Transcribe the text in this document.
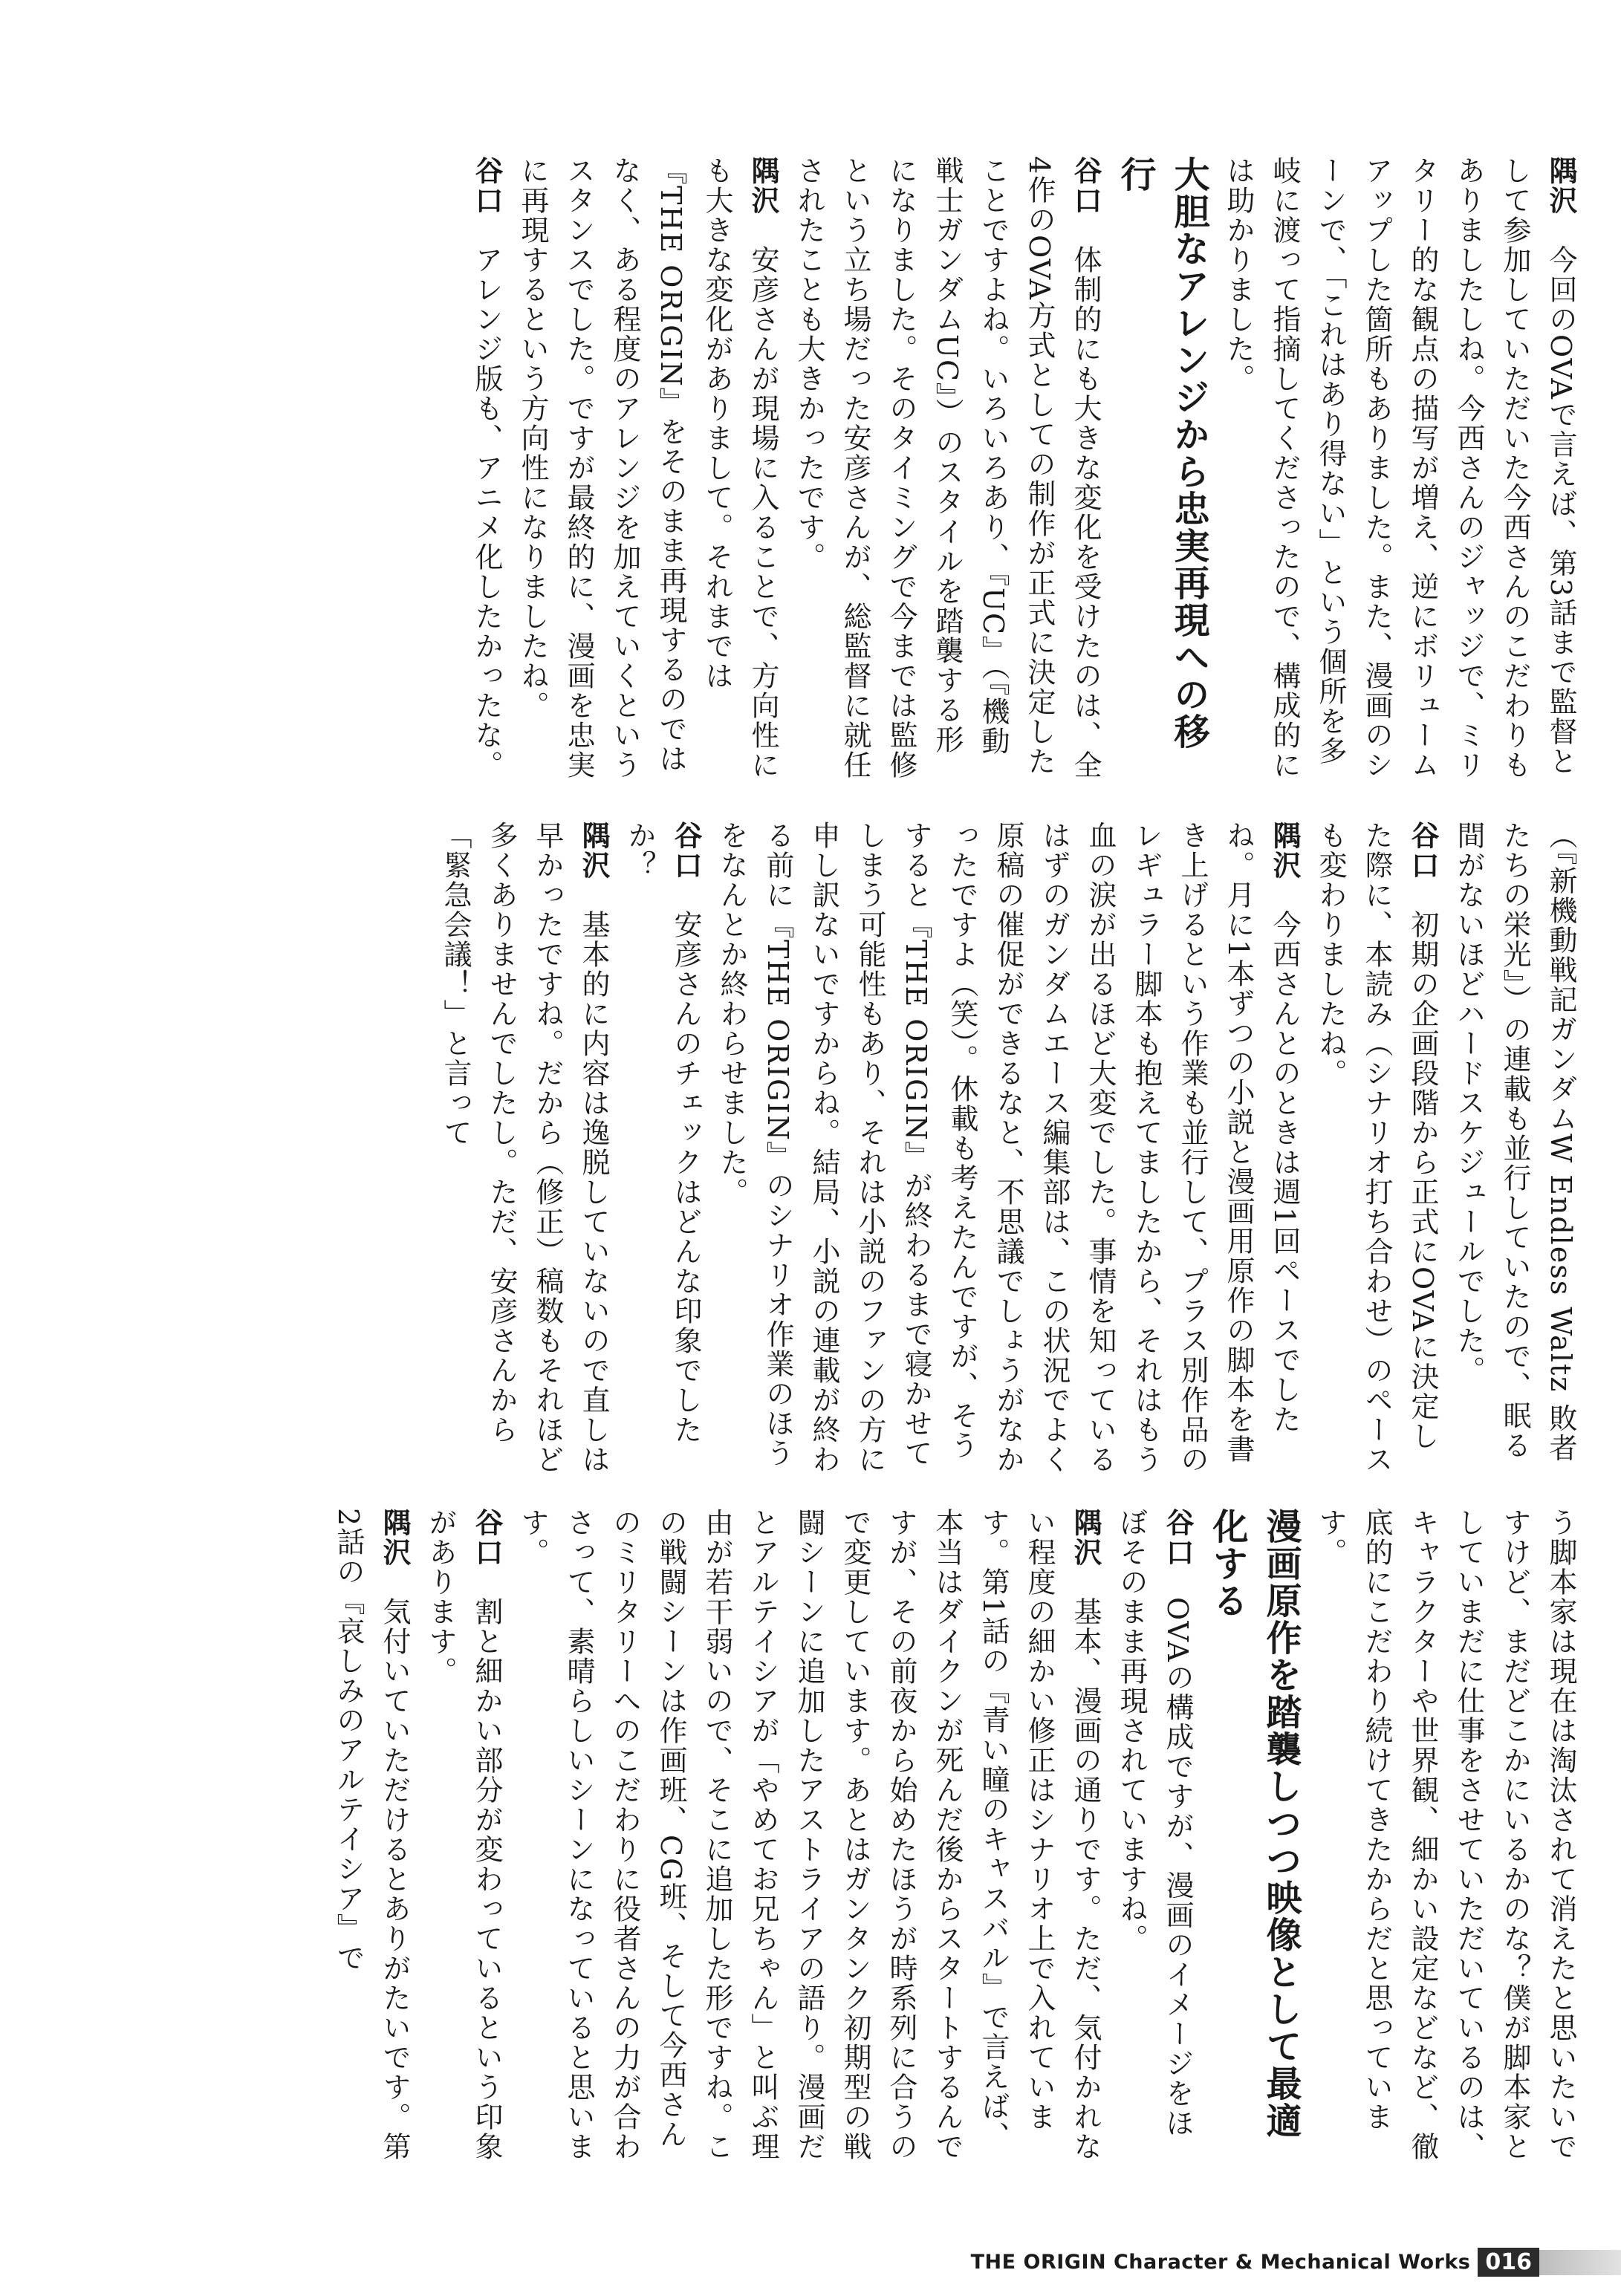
隅沢　今回のOVAで言えば、第3話まで監督として参加していただいた今西さんのこだわりもありましたしね。今西さんのジャッジで、ミリタリー的な観点の描写が増え、逆にボリュームアップした箇所もありました。また、漫画のシーンで、「これはあり得ない」という個所を多岐に渡って指摘してくださったので、構成的には助かりました。

大胆なアレンジから忠実再現への移行

谷口　体制的にも大きな変化を受けたのは、全4作のOVA方式としての制作が正式に決定したことですよね。いろいろあり、『UC』（『機動戦士ガンダムUC』）のスタイルを踏襲する形になりました。そのタイミングで今までは監修という立ち場だった安彦さんが、総監督に就任されたことも大きかったです。

隅沢　安彦さんが現場に入ることで、方向性にも大きな変化がありまして。それまでは『THE ORIGIN』をそのまま再現するのではなく、ある程度のアレンジを加えていくというスタンスでした。ですが最終的に、漫画を忠実に再現するという方向性になりましたね。

谷口　アレンジ版も、アニメ化したかったな。

（『新機動戦記ガンダムW Endless Waltz 敗者たちの栄光』）の連載も並行していたので、眠る間がないほどハードスケジュールでした。

谷口　初期の企画段階から正式にOVAに決定した際に、本読み（シナリオ打ち合わせ）のペースも変わりましたね。

隅沢　今西さんとのときは週1回ペースでしたね。月に1本ずつの小説と漫画用原作の脚本を書き上げるという作業も並行して、プラス別作品のレギュラー脚本も抱えてましたから、それはもう血の涙が出るほど大変でした。事情を知っているはずのガンダムエース編集部は、この状況でよく原稿の催促ができるなと、不思議でしょうがなかったですよ（笑）。休載も考えたんですが、そうすると『THE ORIGIN』が終わるまで寝かせてしまう可能性もあり、それは小説のファンの方に申し訳ないですからね。結局、小説の連載が終わる前に『THE ORIGIN』のシナリオ作業のほうをなんとか終わらせました。

谷口　安彦さんのチェックはどんな印象でしたか？

隅沢　基本的に内容は逸脱していないので直しは早かったですね。だから（修正）稿数もそれほど多くありませんでしたし。ただ、安彦さんから「緊急会議！」と言って

う脚本家は現在は淘汰されて消えたと思いたいですけど、まだどこかにいるかのな？僕が脚本家としていまだに仕事をさせていただいているのは、キャラクターや世界観、細かい設定などなど、徹底的にこだわり続けてきたからだと思っています。

漫画原作を踏襲しつつ映像として最適化する

谷口　OVAの構成ですが、漫画のイメージをほぼそのまま再現されていますね。

隅沢　基本、漫画の通りです。ただ、気付かれない程度の細かい修正はシナリオ上で入れています。第1話の『青い瞳のキャスバル』で言えば、本当はダイクンが死んだ後からスタートするんですが、その前夜から始めたほうが時系列に合うので変更しています。あとはガンタンク初期型の戦闘シーンに追加したアストライアの語り。漫画だとアルテイシアが「やめてお兄ちゃん」と叫ぶ理由が若干弱いので、そこに追加した形ですね。この戦闘シーンは作画班、CG班、そして今西さんのミリタリーへのこだわりに役者さんの力が合わさって、素晴らしいシーンになっていると思います。

谷口　割と細かい部分が変わっているという印象があります。

隅沢　気付いていただけるとありがたいです。第2話の『哀しみのアルテイシア』で

THE ORIGIN Character & Mechanical Works 016
